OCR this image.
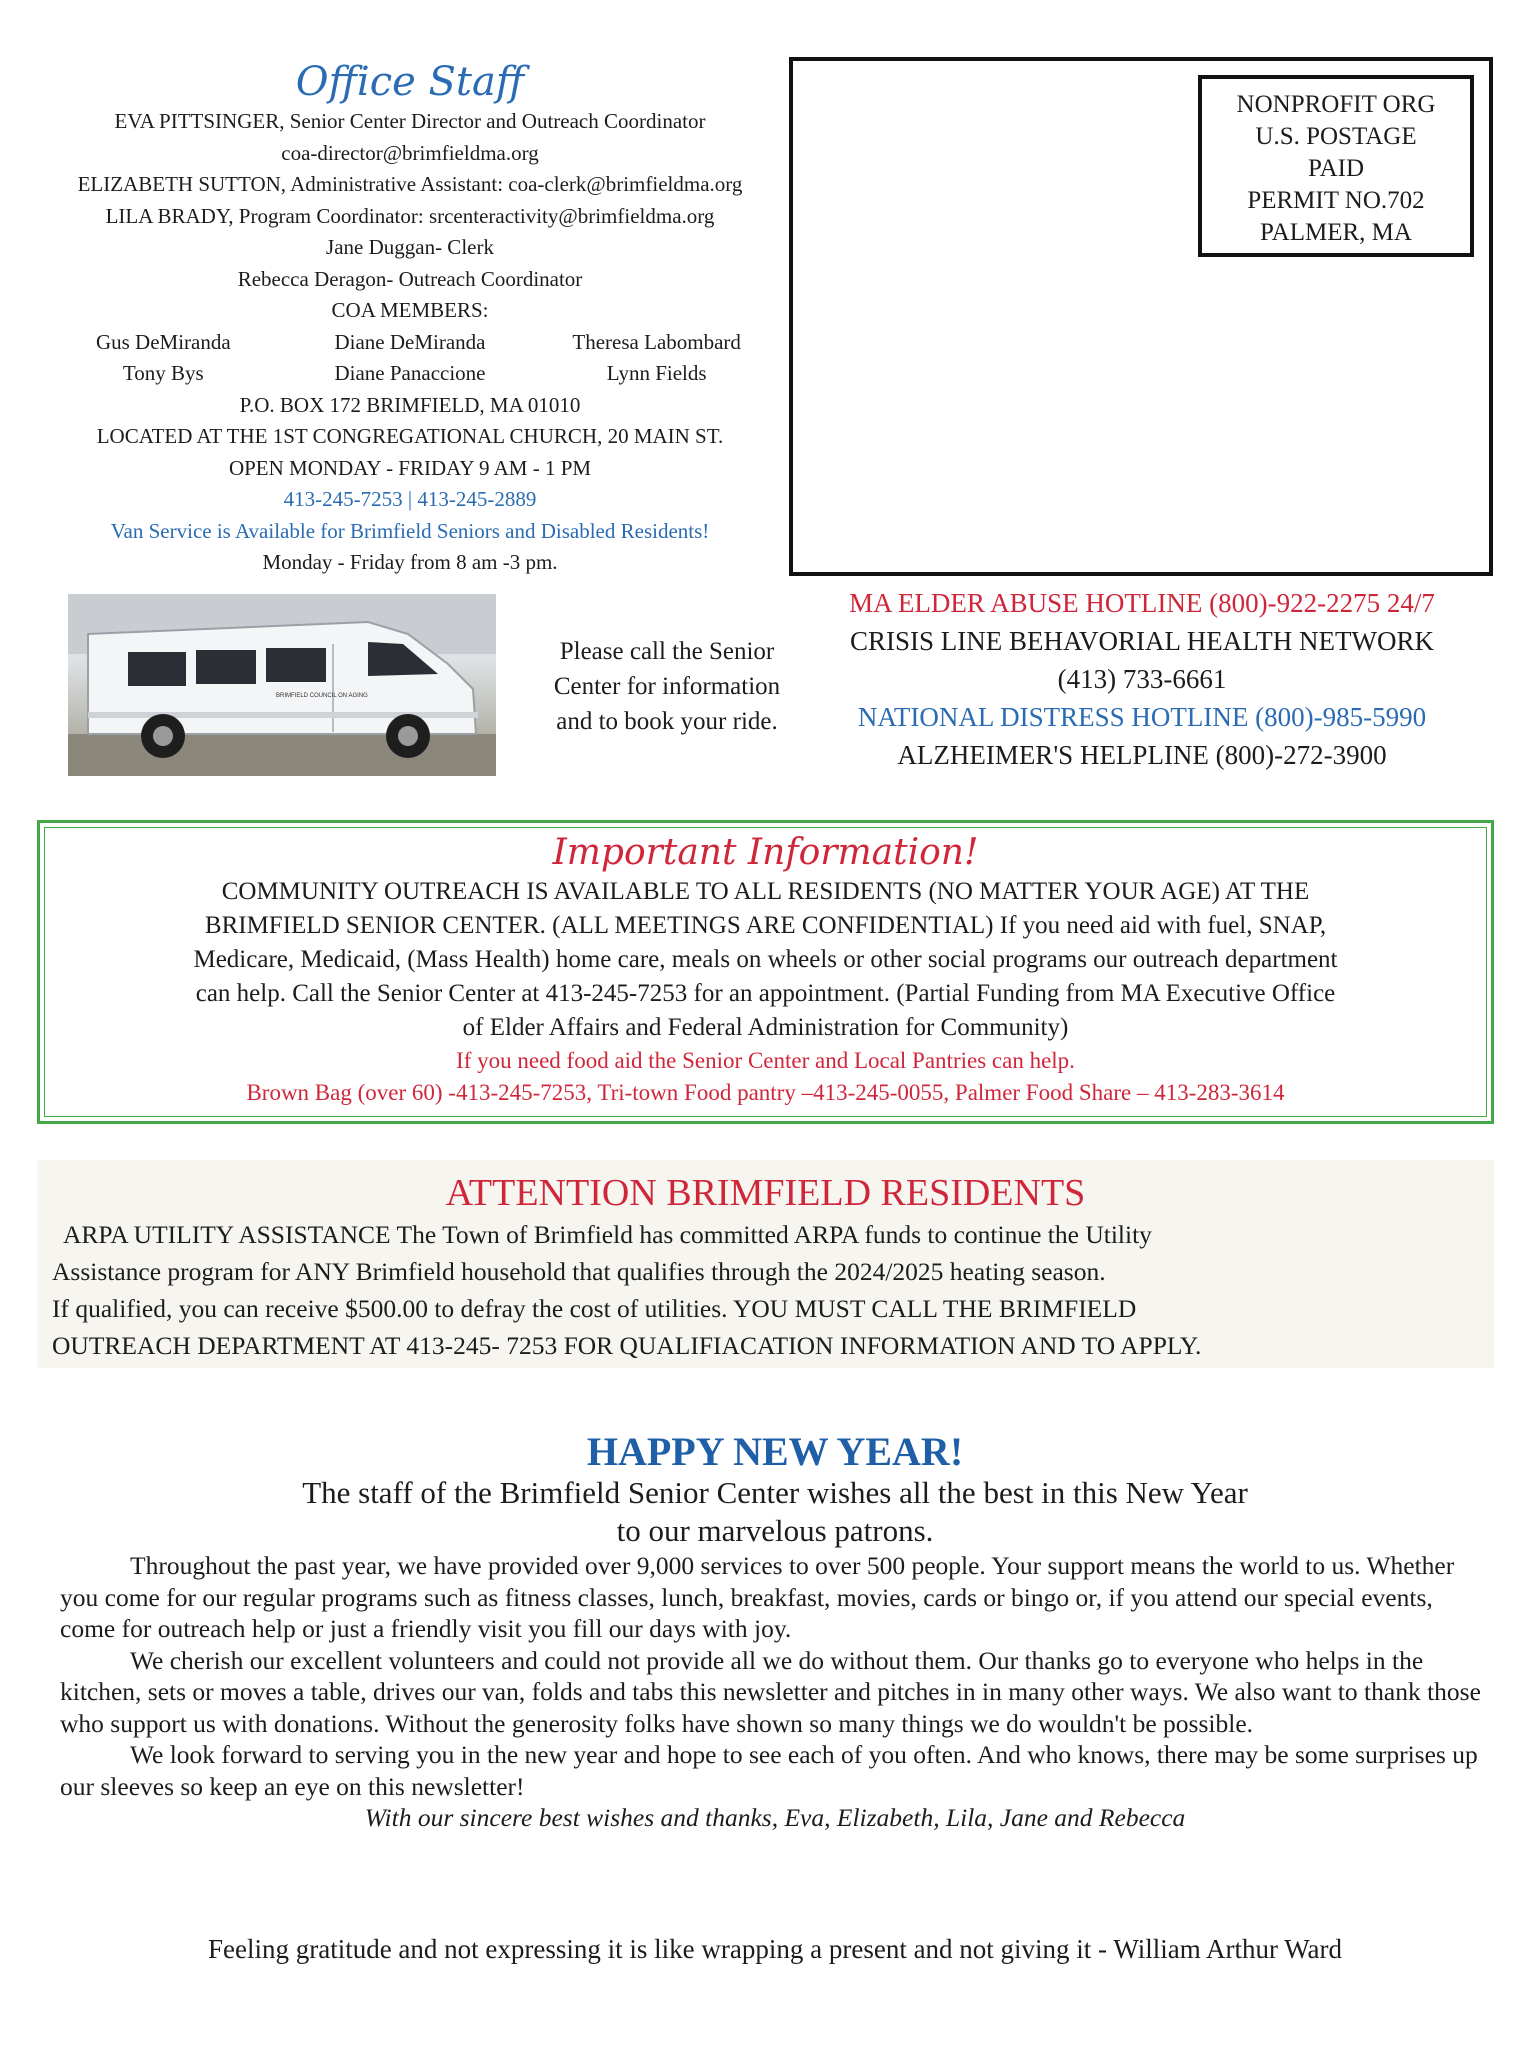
Office Staff
EVA PITTSINGER, Senior Center Director and Outreach Coordinator
coa-director@brimfieldma.org
ELIZABETH SUTTON, Administrative Assistant: coa-clerk@brimfieldma.org
LILA BRADY, Program Coordinator: srcenteractivity@brimfieldma.org
Jane Duggan- Clerk
Rebecca Deragon- Outreach Coordinator
COA MEMBERS:
Gus DeMiranda	Diane DeMiranda	Theresa Labombard
Tony Bys	Diane Panaccione	Lynn Fields
P.O. BOX 172 BRIMFIELD, MA 01010
LOCATED AT THE 1ST CONGREGATIONAL CHURCH, 20 MAIN ST.
OPEN MONDAY - FRIDAY 9 AM - 1 PM
413-245-7253 | 413-245-2889
Van Service is Available for Brimfield Seniors and Disabled Residents!
Monday - Friday from 8 am -3 pm.
BRIMFIELD COUNCIL ON AGING
Please call the Senior Center for information and to book your ride.
NONPROFIT ORG
U.S. POSTAGE
PAID
PERMIT NO.702
PALMER, MA
MA ELDER ABUSE HOTLINE (800)-922-2275 24/7
CRISIS LINE BEHAVORIAL HEALTH NETWORK
(413) 733-6661
NATIONAL DISTRESS HOTLINE (800)-985-5990
ALZHEIMER'S HELPLINE (800)-272-3900
Important Information!
COMMUNITY OUTREACH IS AVAILABLE TO ALL RESIDENTS (NO MATTER YOUR AGE) AT THE
BRIMFIELD SENIOR CENTER. (ALL MEETINGS ARE CONFIDENTIAL) If you need aid with fuel, SNAP,
Medicare, Medicaid, (Mass Health) home care, meals on wheels or other social programs our outreach department
can help. Call the Senior Center at 413-245-7253 for an appointment. (Partial Funding from MA Executive Office
of Elder Affairs and Federal Administration for Community)
If you need food aid the Senior Center and Local Pantries can help.
Brown Bag (over 60) -413-245-7253, Tri-town Food pantry –413-245-0055, Palmer Food Share – 413-283-3614
ATTENTION BRIMFIELD RESIDENTS
ARPA UTILITY ASSISTANCE The Town of Brimfield has committed ARPA funds to continue the Utility
Assistance program for ANY Brimfield household that qualifies through the 2024/2025 heating season.
If qualified, you can receive $500.00 to defray the cost of utilities. YOU MUST CALL THE BRIMFIELD
OUTREACH DEPARTMENT AT 413-245- 7253 FOR QUALIFIACATION INFORMATION AND TO APPLY.
HAPPY NEW YEAR!
The staff of the Brimfield Senior Center wishes all the best in this New Year
to our marvelous patrons.
Throughout the past year, we have provided over 9,000 services to over 500 people. Your support means the world to us. Whether you come for our regular programs such as fitness classes, lunch, breakfast, movies, cards or bingo or, if you attend our special events, come for outreach help or just a friendly visit you fill our days with joy.
We cherish our excellent volunteers and could not provide all we do without them. Our thanks go to everyone who helps in the kitchen, sets or moves a table, drives our van, folds and tabs this newsletter and pitches in in many other ways. We also want to thank those who support us with donations. Without the generosity folks have shown so many things we do wouldn't be possible.
We look forward to serving you in the new year and hope to see each of you often. And who knows, there may be some surprises up our sleeves so keep an eye on this newsletter!
With our sincere best wishes and thanks, Eva, Elizabeth, Lila, Jane and Rebecca
Feeling gratitude and not expressing it is like wrapping a present and not giving it - William Arthur Ward
